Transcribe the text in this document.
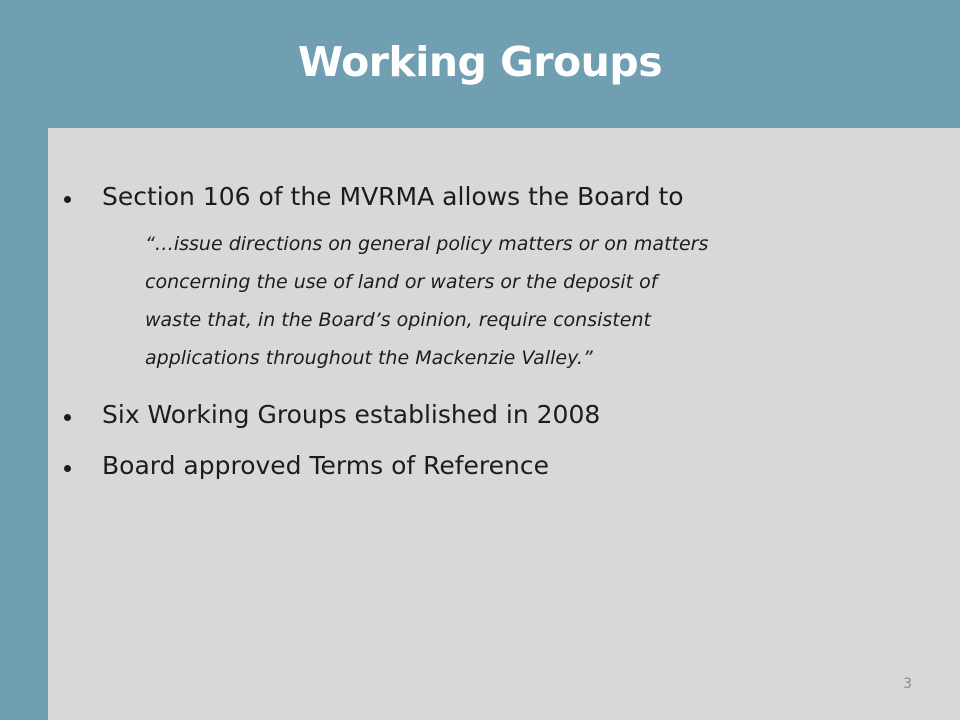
Working Groups
Section 106 of the MVRMA allows the Board to
“…issue directions on general policy matters or on matters
concerning the use of land or waters or the deposit of
waste that, in the Board’s opinion, require consistent
applications throughout the Mackenzie Valley.”
Six Working Groups established in 2008
Board approved Terms of Reference
3
